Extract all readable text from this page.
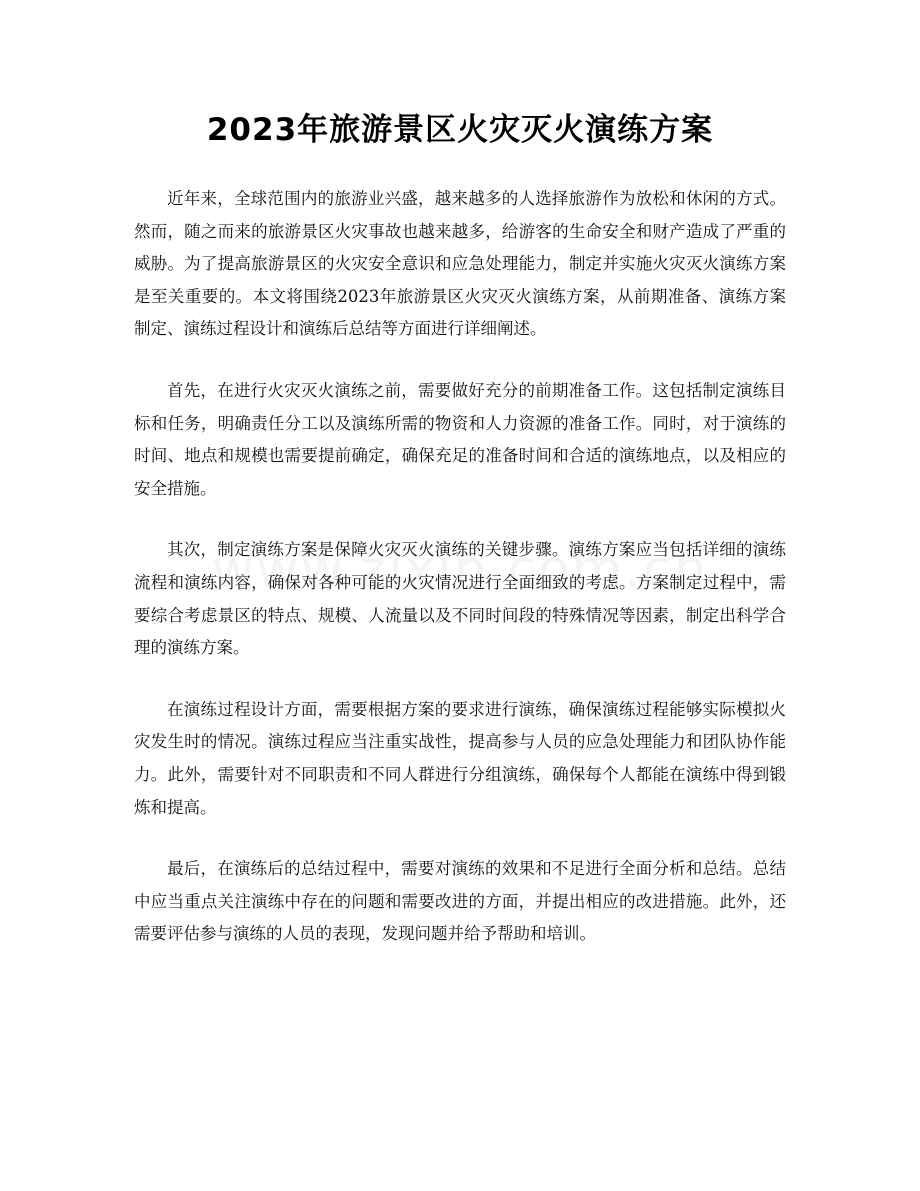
2023年旅游景区火灾灭火演练方案

近年来，全球范围内的旅游业兴盛，越来越多的人选择旅游作为放松和休闲的方式。然而，随之而来的旅游景区火灾事故也越来越多，给游客的生命安全和财产造成了严重的威胁。为了提高旅游景区的火灾安全意识和应急处理能力，制定并实施火灾灭火演练方案是至关重要的。本文将围绕2023年旅游景区火灾灭火演练方案，从前期准备、演练方案制定、演练过程设计和演练后总结等方面进行详细阐述。

首先，在进行火灾灭火演练之前，需要做好充分的前期准备工作。这包括制定演练目标和任务，明确责任分工以及演练所需的物资和人力资源的准备工作。同时，对于演练的时间、地点和规模也需要提前确定，确保充足的准备时间和合适的演练地点，以及相应的安全措施。

其次，制定演练方案是保障火灾灭火演练的关键步骤。演练方案应当包括详细的演练流程和演练内容，确保对各种可能的火灾情况进行全面细致的考虑。方案制定过程中，需要综合考虑景区的特点、规模、人流量以及不同时间段的特殊情况等因素，制定出科学合理的演练方案。

在演练过程设计方面，需要根据方案的要求进行演练，确保演练过程能够实际模拟火灾发生时的情况。演练过程应当注重实战性，提高参与人员的应急处理能力和团队协作能力。此外，需要针对不同职责和不同人群进行分组演练，确保每个人都能在演练中得到锻炼和提高。

最后，在演练后的总结过程中，需要对演练的效果和不足进行全面分析和总结。总结中应当重点关注演练中存在的问题和需要改进的方面，并提出相应的改进措施。此外，还需要评估参与演练的人员的表现，发现问题并给予帮助和培训。
